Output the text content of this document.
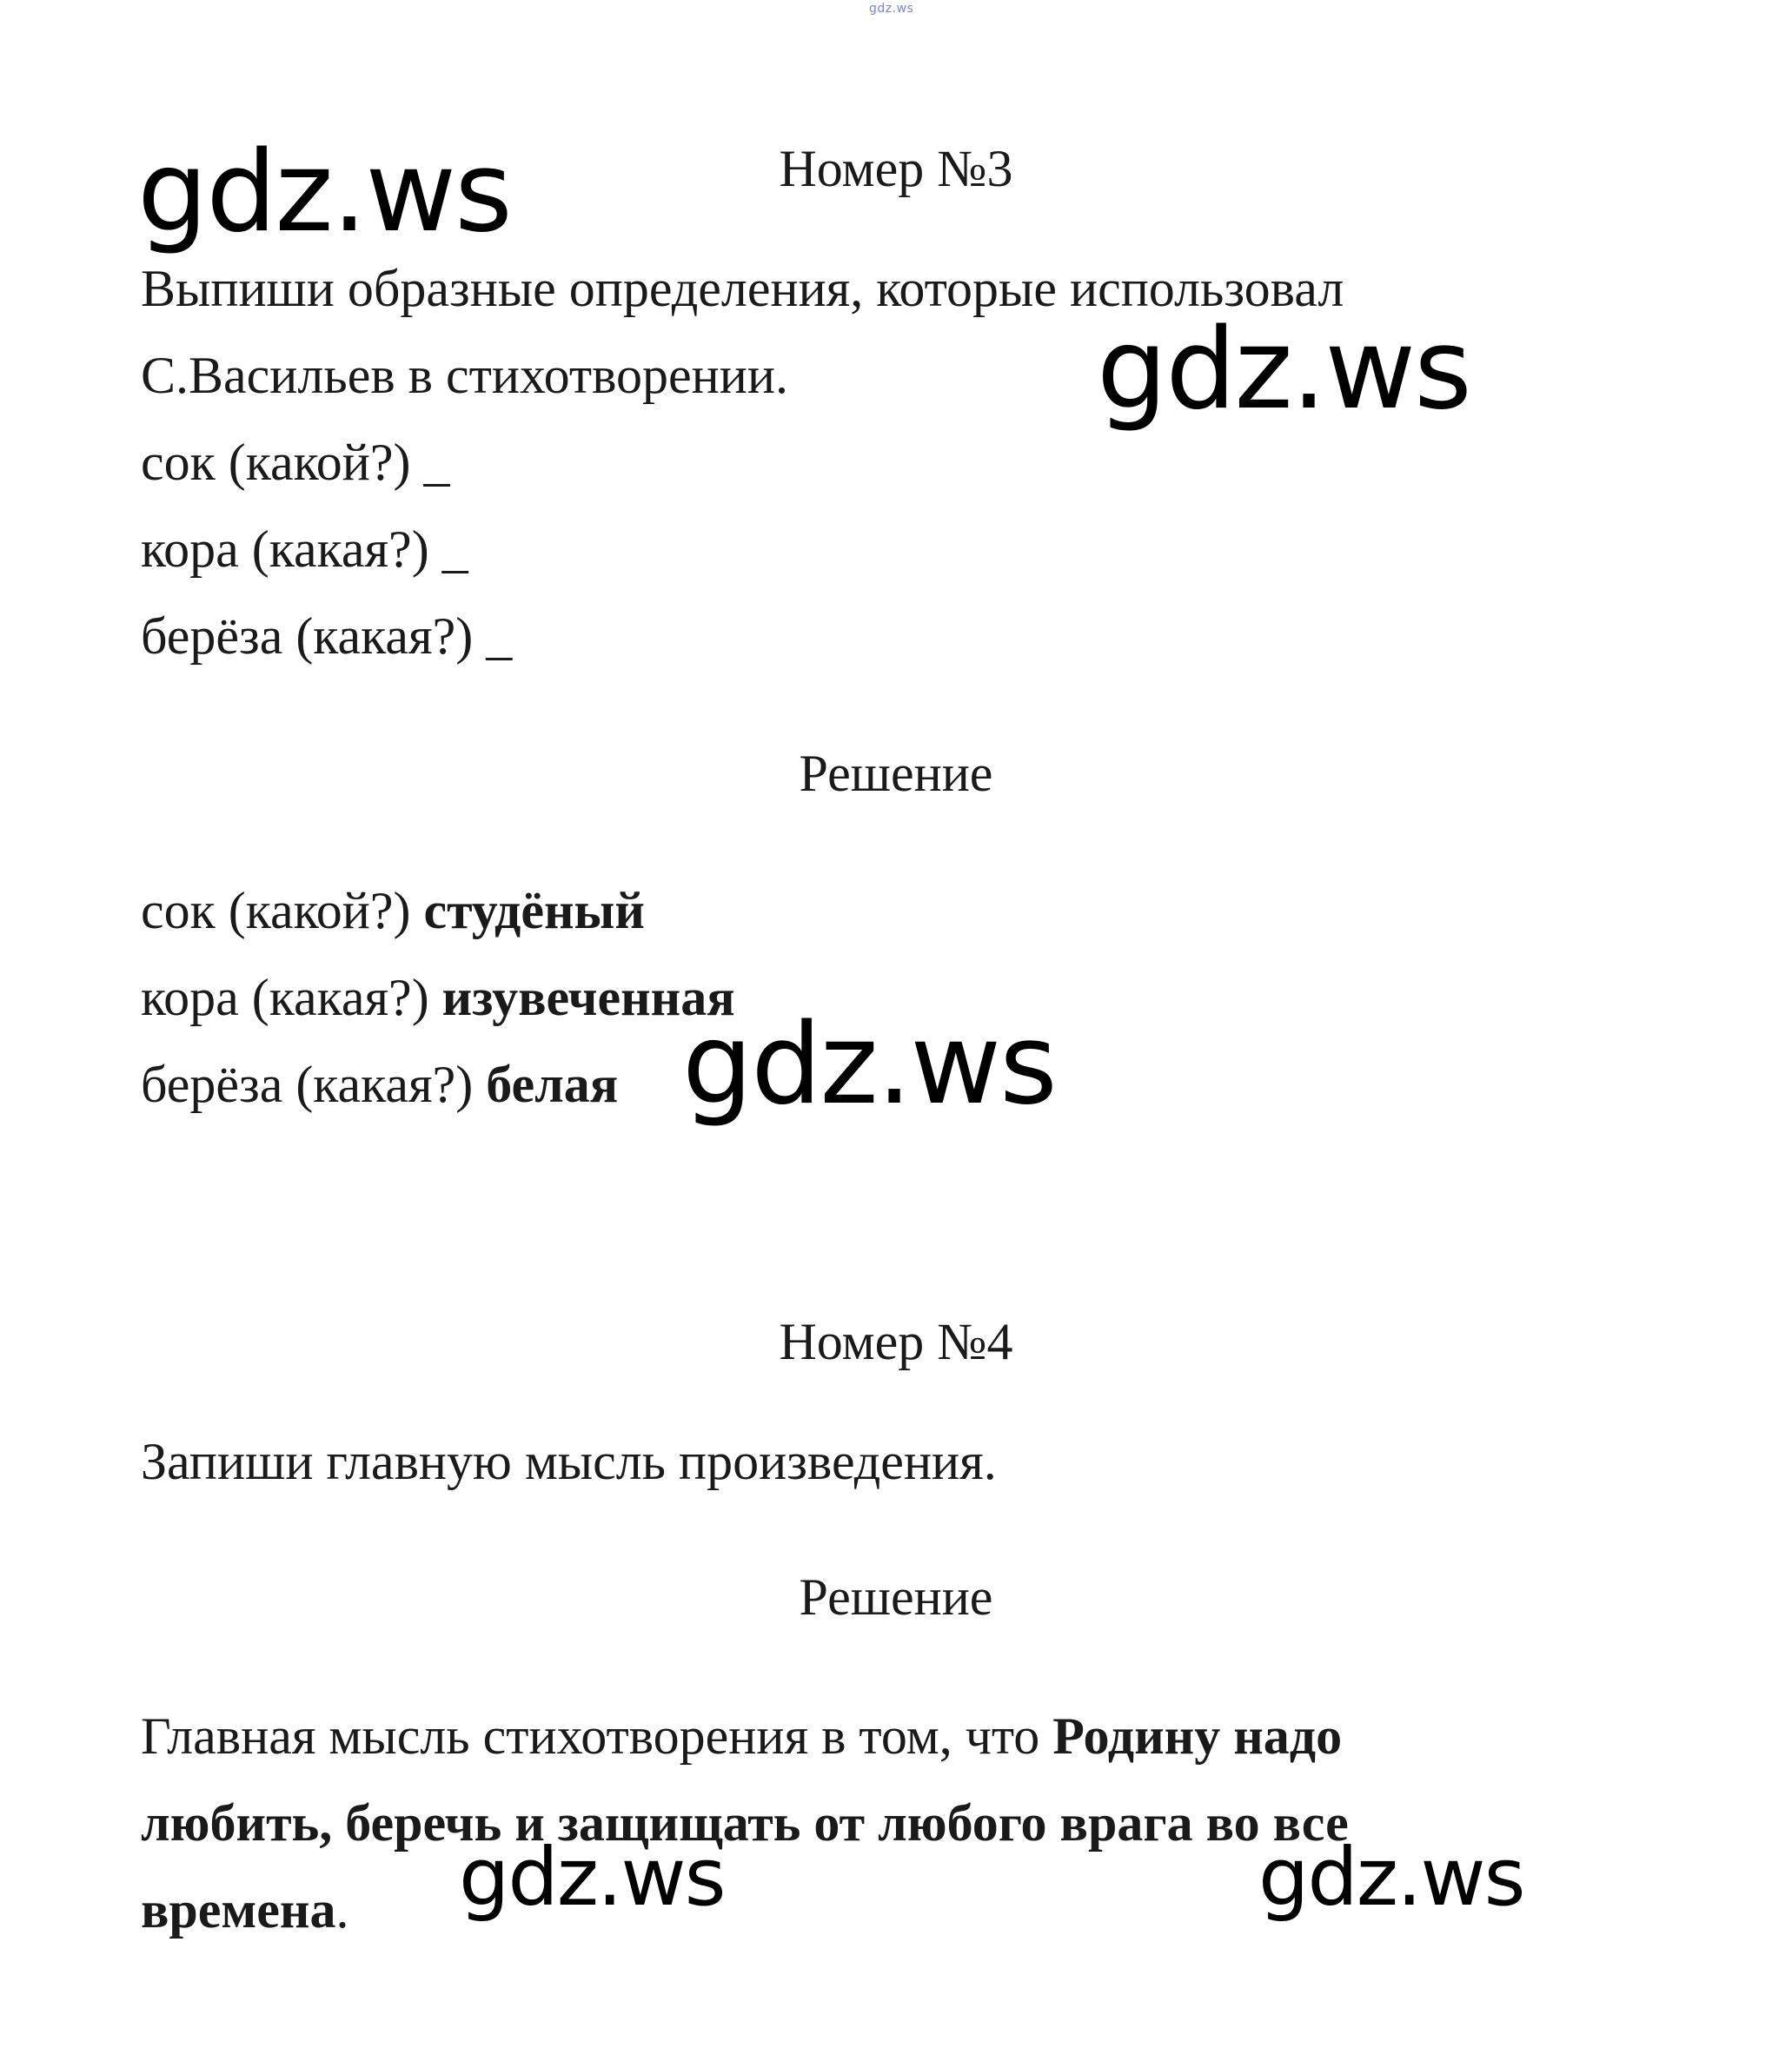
gdz.ws
gdz.ws
gdz.ws
gdz.ws
gdz.ws	gdz.ws
Номер №3
Выпиши образные определения, которые использовал
С.Васильев в стихотворении.
сок (какой?) _
кора (какая?) _
берёза (какая?) _
Решение
сок (какой?) студёный
кора (какая?) изувеченная
берёза (какая?) белая
Номер №4
Запиши главную мысль произведения.
Решение
Главная мысль стихотворения в том, что Родину надо
любить, беречь и защищать от любого врага во все
времена.
